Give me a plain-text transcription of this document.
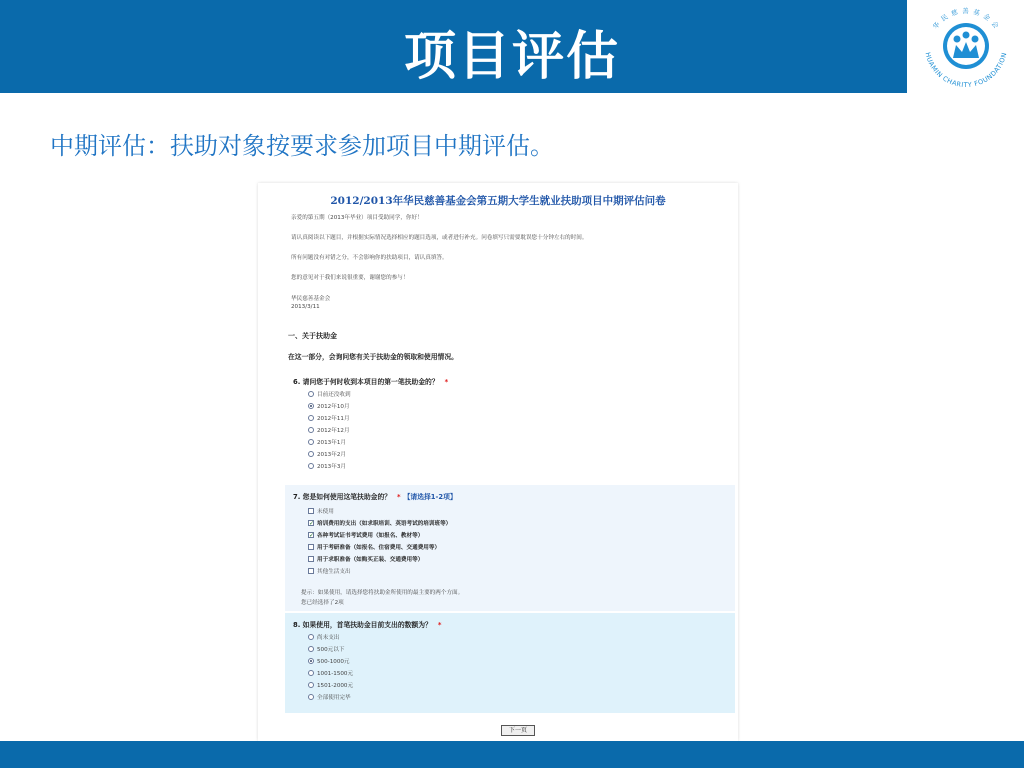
项目评估
华 民 慈 善 基 金 会
HUAMIN CHARITY FOUNDATION
中期评估：扶助对象按要求参加项目中期评估。
2012/2013年华民慈善基金会第五期大学生就业扶助项目中期评估问卷
亲爱的第五期（2013年毕业）项目受助同学，你好！
请认真阅读以下题目，并根据实际情况选择相应的题目选项，或者进行补充。问卷填写只需要耽误您十分钟左右的时间。
所有问题没有对错之分，不会影响你的扶助项目，请认真填答。
您的意见对于我们来说很重要，谢谢您的参与！
华民慈善基金会
2013/3/11
一、关于扶助金
在这一部分，会询问您有关于扶助金的领取和使用情况。
6. 请问您于何时收到本项目的第一笔扶助金的？ *
目前还没收到
2012年10月
2012年11月
2012年12月
2013年1月
2013年2月
2013年3月
7. 您是如何使用这笔扶助金的？ * 【请选择1-2项】
未使用
✓ 培训费用的支出（如求职培训、英语考试的培训班等）
✓ 各种考试证书考试费用（如报名、教材等）
用于考研准备（如报名、住宿费用、交通费用等）
用于求职准备（如购买正装、交通费用等）
其他生活支出
提示：如果使用，请选择您将扶助金所使用的最主要的两个方面。
您已经选择了2项
8. 如果使用，首笔扶助金目前支出的数额为？ *
尚未支出
500元以下
500-1000元
1001-1500元
1501-2000元
全部使用完毕
下一页
